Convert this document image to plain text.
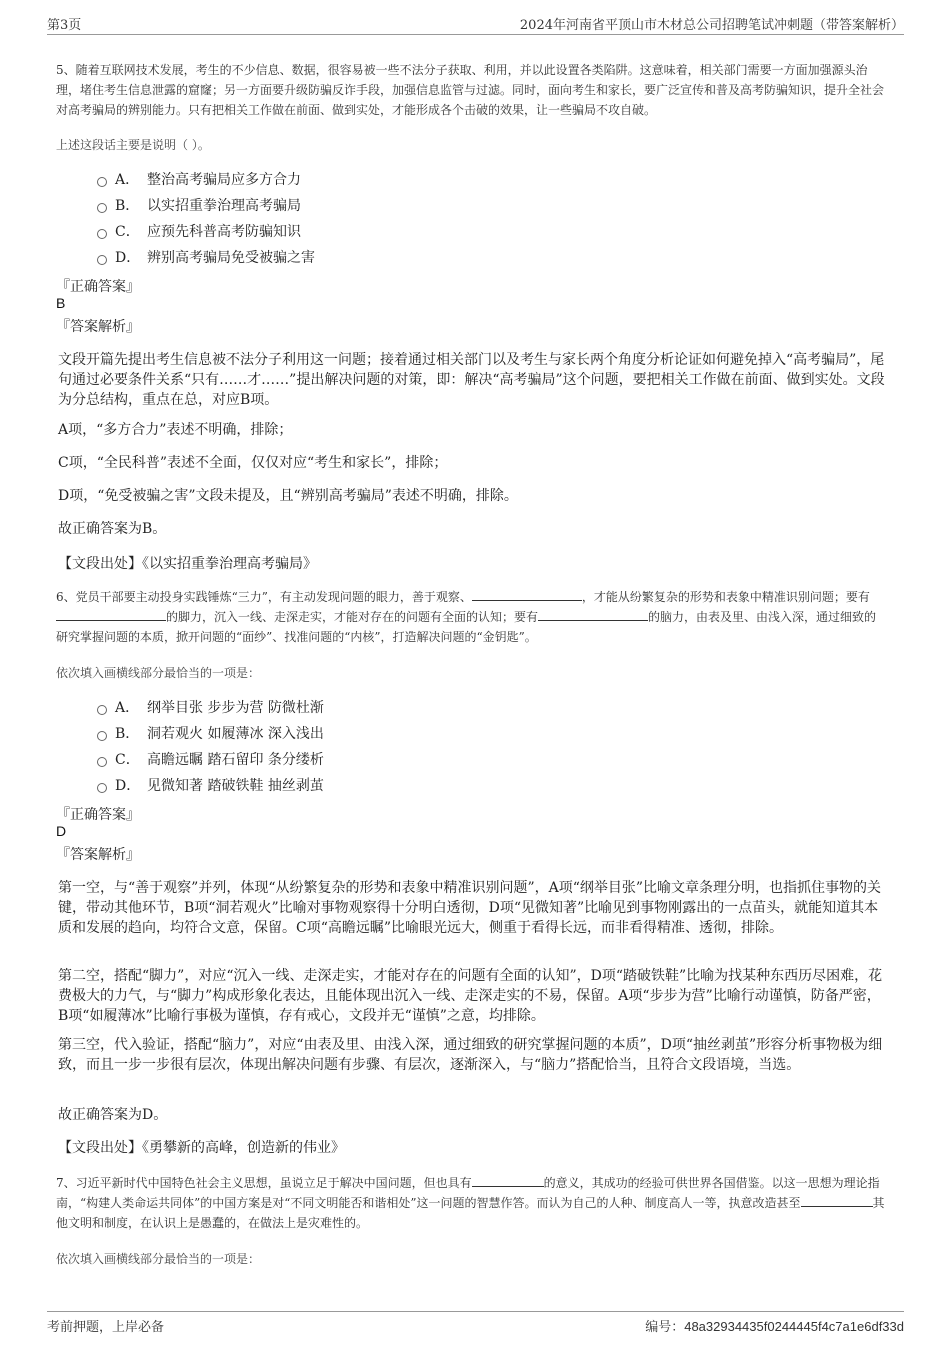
第3页	2024年河南省平顶山市木材总公司招聘笔试冲刺题（带答案解析）
5、随着互联网技术发展，考生的不少信息、数据，很容易被一些不法分子获取、利用，并以此设置各类陷阱。这意味着，相关部门需要一方面加强源头治理，堵住考生信息泄露的窟窿；另一方面要升级防骗反诈手段，加强信息监管与过滤。同时，面向考生和家长，要广泛宣传和普及高考防骗知识，提升全社会对高考骗局的辨别能力。只有把相关工作做在前面、做到实处，才能形成各个击破的效果，让一些骗局不攻自破。
上述这段话主要是说明（ ）。
A． 整治高考骗局应多方合力
B． 以实招重拳治理高考骗局
C． 应预先科普高考防骗知识
D． 辨别高考骗局免受被骗之害
『正确答案』
B
『答案解析』
文段开篇先提出考生信息被不法分子利用这一问题；接着通过相关部门以及考生与家长两个角度分析论证如何避免掉入“高考骗局”，尾句通过必要条件关系“只有……才……”提出解决问题的对策，即：解决“高考骗局”这个问题，要把相关工作做在前面、做到实处。文段为分总结构，重点在总，对应B项。
A项，“多方合力”表述不明确，排除；
C项，“全民科普”表述不全面，仅仅对应“考生和家长”，排除；
D项，“免受被骗之害”文段未提及，且“辨别高考骗局”表述不明确，排除。
故正确答案为B。
【文段出处】《以实招重拳治理高考骗局》
6、党员干部要主动投身实践锤炼“三力”，有主动发现问题的眼力，善于观察、	，才能从纷繁复杂的形势和表象中精准识别问题；要有的脚力，沉入一线、走深走实，才能对存在的问题有全面的认知；要有	的脑力，由表及里、由浅入深，通过细致的研究掌握问题的本质，掀开问题的“面纱”、找准问题的“内核”，打造解决问题的“金钥匙”。
依次填入画横线部分最恰当的一项是：
A． 纲举目张 步步为营 防微杜渐
B． 洞若观火 如履薄冰 深入浅出
C． 高瞻远瞩 踏石留印 条分缕析
D． 见微知著 踏破铁鞋 抽丝剥茧
『正确答案』
D
『答案解析』
第一空，与“善于观察”并列，体现“从纷繁复杂的形势和表象中精准识别问题”，A项“纲举目张”比喻文章条理分明，也指抓住事物的关键，带动其他环节，B项“洞若观火”比喻对事物观察得十分明白透彻，D项“见微知著”比喻见到事物刚露出的一点苗头，就能知道其本质和发展的趋向，均符合文意，保留。C项“高瞻远瞩”比喻眼光远大，侧重于看得长远，而非看得精准、透彻，排除。
第二空，搭配“脚力”，对应“沉入一线、走深走实，才能对存在的问题有全面的认知”，D项“踏破铁鞋”比喻为找某种东西历尽困难，花费极大的力气，与“脚力”构成形象化表达，且能体现出沉入一线、走深走实的不易，保留。A项“步步为营”比喻行动谨慎，防备严密，B项“如履薄冰”比喻行事极为谨慎，存有戒心，文段并无“谨慎”之意，均排除。
第三空，代入验证，搭配“脑力”，对应“由表及里、由浅入深，通过细致的研究掌握问题的本质”，D项“抽丝剥茧”形容分析事物极为细致，而且一步一步很有层次，体现出解决问题有步骤、有层次，逐渐深入，与“脑力”搭配恰当，且符合文段语境，当选。
故正确答案为D。
【文段出处】《勇攀新的高峰，创造新的伟业》
7、习近平新时代中国特色社会主义思想，虽说立足于解决中国问题，但也具有	的意义，其成功的经验可供世界各国借鉴。以这一思想为理论指南，“构建人类命运共同体”的中国方案是对“不同文明能否和谐相处”这一问题的智慧作答。而认为自己的人种、制度高人一等，执意改造甚至	其他文明和制度，在认识上是愚蠢的，在做法上是灾难性的。
依次填入画横线部分最恰当的一项是：
考前押题，上岸必备	编号：48a32934435f0244445f4c7a1e6df33d
